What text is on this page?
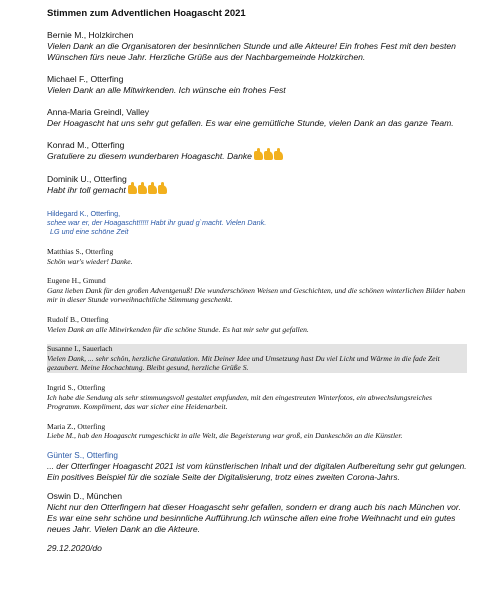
Stimmen zum Adventlichen Hoagascht 2021
Bernie M., Holzkirchen
Vielen Dank an die Organisatoren der besinnlichen Stunde und alle Akteure! Ein frohes Fest mit den besten Wünschen fürs neue Jahr. Herzliche Grüße aus der Nachbargemeinde Holzkirchen.
Michael F., Otterfing
Vielen Dank an alle Mitwirkenden. Ich wünsche ein frohes Fest
Anna-Maria Greindl, Valley
Der Hoagascht hat uns sehr gut gefallen. Es war eine gemütliche Stunde, vielen Dank an das ganze Team.
Konrad M., Otterfing
Gratuliere zu diesem wunderbaren Hoagascht. Danke
Dominik U., Otterfing
Habt ihr toll gemacht
Hildegard K., Otterfing,
schee war er, der Hoagascht!!!!! Habt ihr guad g`macht. Vielen Dank.
LG und eine schöne Zeit
Matthias S., Otterfing
Schön war's wieder! Danke.
Eugene H., Gmund
Ganz lieben Dank für den großen Adventgenuß! Die wunderschönen Weisen und Geschichten, und die schönen winterlichen Bilder haben mir in dieser Stunde vorweihnachtliche Stimmung geschenkt.
Rudolf B., Otterfing
Vielen Dank an alle Mitwirkenden für die schöne Stunde. Es hat mir sehr gut gefallen.
Susanne I., Sauerlach
Vielen Dank, ... sehr schön, herzliche Gratulation. Mit Deiner Idee und Umsetzung hast Du viel Licht und Wärme in die fade Zeit gezaubert. Meine Hochachtung. Bleibt gesund, herzliche Grüße S.
Ingrid S., Otterfing
Ich habe die Sendung als sehr stimmungsvoll gestaltet empfunden, mit den eingestreuten Winterfotos, ein abwechslungsreiches Programm. Kompliment, das war sicher eine Heidenarbeit.
Maria Z., Otterfing
Liebe M., hab den Hoagascht rumgeschickt in alle Welt, die Begeisterung war groß, ein Dankeschön an die Künstler.
Günter S., Otterfing
... der Otterfinger Hoagascht 2021 ist vom künstlerischen Inhalt und der digitalen Aufbereitung sehr gut gelungen. Ein positives Beispiel für die soziale Seite der Digitalisierung, trotz eines zweiten Corona-Jahrs.
Oswin D., München
Nicht nur den Otterfingern hat dieser Hoagascht sehr gefallen, sondern er drang auch bis nach München vor. Es war eine sehr schöne und besinnliche Aufführung.Ich wünsche allen eine frohe Weihnacht und ein gutes neues Jahr. Vielen Dank an die Akteure.
29.12.2020/do
